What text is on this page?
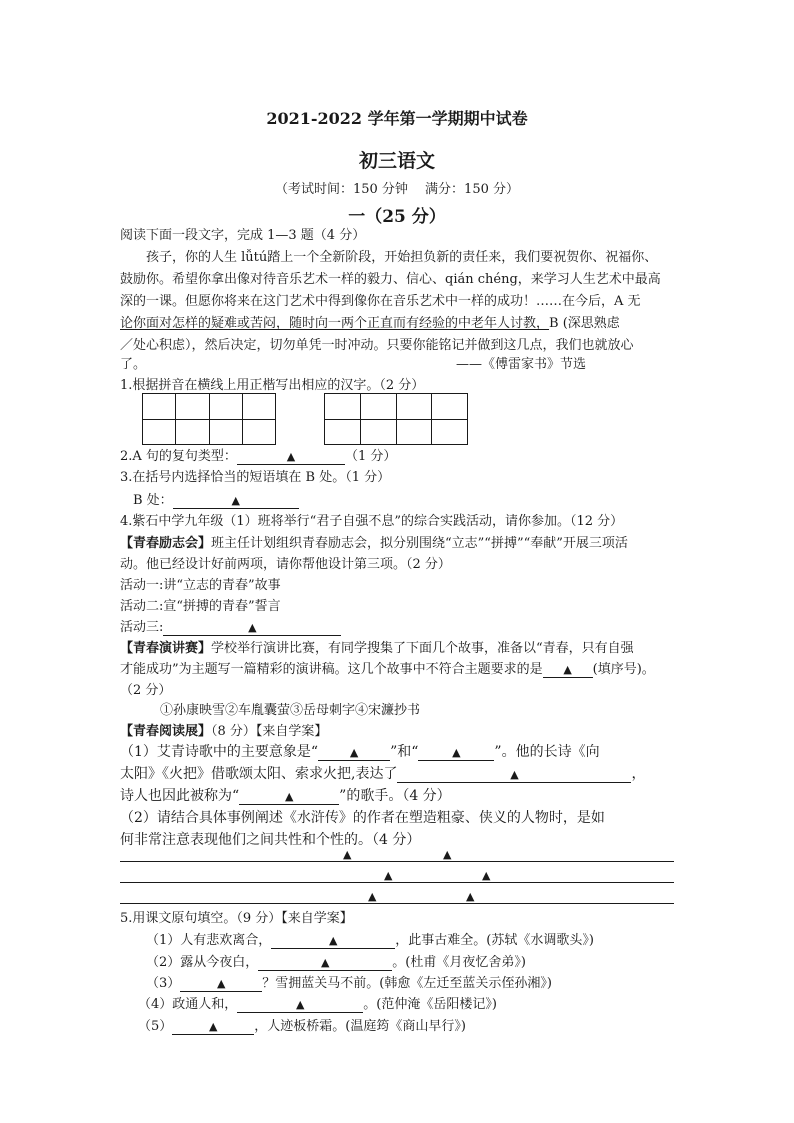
2021-2022 学年第一学期期中试卷
初三语文
（考试时间：150 分钟　 满分：150 分）
一（25 分）
阅读下面一段文字，完成 1—3 题（4 分）
孩子，你的人生 lǚtú踏上一个全新阶段，开始担负新的责任来，我们要祝贺你、祝福你、
鼓励你。希望你拿出像对待音乐艺术一样的毅力、信心、qián chéng，来学习人生艺术中最高
深的一课。但愿你将来在这门艺术中得到像你在音乐艺术中一样的成功！……在今后，A 无
论你面对怎样的疑难或苦闷，随时向一两个正直而有经验的中老年人讨教，B (深思熟虑
／处心积虑），然后决定，切勿单凭一时冲动。只要你能铭记并做到这几点，我们也就放心
了。	——《傅雷家书》节选
1.根据拼音在横线上用正楷写出相应的汉字。（2 分）
2.A 句的复句类型：	▲	（1 分）
3.在括号内选择恰当的短语填在 B 处。（1 分）
B 处：	▲
4.紫石中学九年级（1）班将举行“君子自强不息”的综合实践活动，请你参加。（12 分）
【青春励志会】班主任计划组织青春励志会，拟分别围绕“立志”“拼搏”“奉献”开展三项活
动。他已经设计好前两项，请你帮他设计第三项。（2 分）
活动一:讲“立志的青春”故事
活动二:宣“拼搏的青春”誓言
活动三:	▲
【青春演讲赛】学校举行演讲比赛，有同学搜集了下面几个故事，准备以“青春，只有自强
才能成功”为主题写一篇精彩的演讲稿。这几个故事中不符合主题要求的是 ▲ (填序号)。
（2 分）
①孙康映雪②车胤囊萤③岳母刺字④宋濂抄书
【青春阅读展】（8 分）【来自学案】
（1）艾青诗歌中的主要意象是“	▲ ”和“	▲ ”。他的长诗《向
太阳》《火把》借歌颂太阳、索求火把,表达了	▲	，
诗人也因此被称为“	▲	”的歌手。（4 分）
（2）请结合具体事例阐述《水浒传》的作者在塑造粗豪、侠义的人物时，是如
何非常注意表现他们之间共性和个性的。（4 分）
▲	▲
▲	▲
▲	▲
5.用课文原句填空。（9 分）【来自学案】
（1）人有悲欢离合，	▲	，此事古难全。(苏轼《水调歌头》)
（2）露从今夜白，	▲	。(杜甫《月夜忆舍弟》)
（3）	▲	？雪拥蓝关马不前。(韩愈《左迁至蓝关示侄孙湘》)
（4）政通人和，	▲	。(范仲淹《岳阳楼记》)
（5）	▲	，人迹板桥霜。(温庭筠《商山早行》)
